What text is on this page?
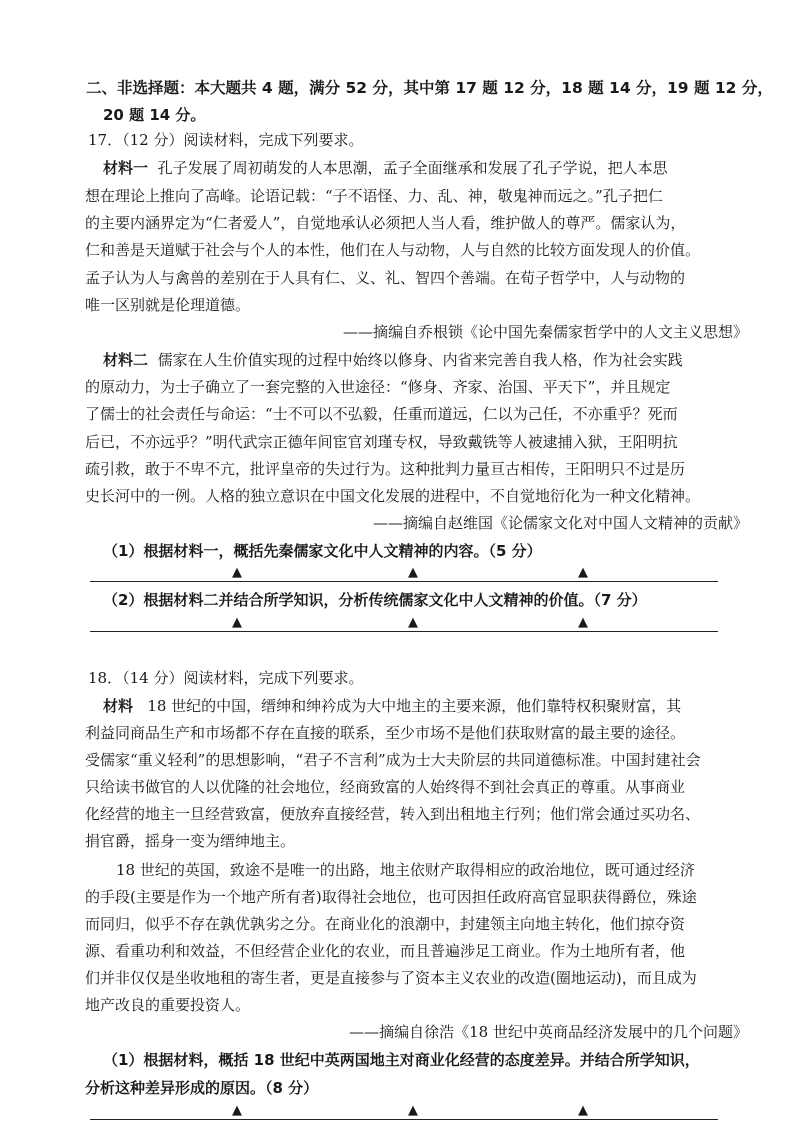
二、非选择题：本大题共 4 题，满分 52 分，其中第 17 题 12 分，18 题 14 分，19 题 12 分，
20 题 14 分。
17．（12 分）阅读材料，完成下列要求。
材料一 孔子发展了周初萌发的人本思潮，孟子全面继承和发展了孔子学说，把人本思
想在理论上推向了高峰。论语记载：“子不语怪、力、乱、神，敬鬼神而远之。”孔子把仁
的主要内涵界定为“仁者爱人”，自觉地承认必须把人当人看，维护做人的尊严。儒家认为，
仁和善是天道赋于社会与个人的本性，他们在人与动物，人与自然的比较方面发现人的价值。
孟子认为人与禽兽的差别在于人具有仁、义、礼、智四个善端。在荀子哲学中，人与动物的
唯一区别就是伦理道德。
——摘编自乔根锁《论中国先秦儒家哲学中的人文主义思想》
材料二 儒家在人生价值实现的过程中始终以修身、内省来完善自我人格，作为社会实践
的原动力，为士子确立了一套完整的入世途径：“修身、齐家、治国、平天下”，并且规定
了儒士的社会责任与命运：“士不可以不弘毅，任重而道远，仁以为己任，不亦重乎？死而
后已，不亦远乎？”明代武宗正德年间宦官刘瑾专权，导致戴铣等人被逮捕入狱，王阳明抗
疏引救，敢于不卑不亢，批评皇帝的失过行为。这种批判力量亘古相传，王阳明只不过是历
史长河中的一例。人格的独立意识在中国文化发展的进程中，不自觉地衍化为一种文化精神。
——摘编自赵维国《论儒家文化对中国人文精神的贡献》
（1）根据材料一，概括先秦儒家文化中人文精神的内容。（5 分）
▲	▲	▲
（2）根据材料二并结合所学知识，分析传统儒家文化中人文精神的价值。（7 分）
▲	▲	▲
18．（14 分）阅读材料，完成下列要求。
材料 18 世纪的中国，缙绅和绅衿成为大中地主的主要来源，他们靠特权积聚财富，其
利益同商品生产和市场都不存在直接的联系，至少市场不是他们获取财富的最主要的途径。
受儒家“重义轻利”的思想影响，“君子不言利”成为士大夫阶层的共同道德标准。中国封建社会
只给读书做官的人以优隆的社会地位，经商致富的人始终得不到社会真正的尊重。从事商业
化经营的地主一旦经营致富，便放弃直接经营，转入到出租地主行列；他们常会通过买功名、
捐官爵，摇身一变为缙绅地主。
18 世纪的英国，致途不是唯一的出路，地主依财产取得相应的政治地位，既可通过经济
的手段(主要是作为一个地产所有者)取得社会地位，也可因担任政府高官显职获得爵位，殊途
而同归，似乎不存在孰优孰劣之分。在商业化的浪潮中，封建领主向地主转化，他们掠夺资
源、看重功利和效益，不但经营企业化的农业，而且普遍涉足工商业。作为土地所有者，他
们并非仅仅是坐收地租的寄生者，更是直接参与了资本主义农业的改造(圈地运动)，而且成为
地产改良的重要投资人。
——摘编自徐浩《18 世纪中英商品经济发展中的几个问题》
（1）根据材料，概括 18 世纪中英两国地主对商业化经营的态度差异。并结合所学知识，
分析这种差异形成的原因。（8 分）
▲	▲	▲
